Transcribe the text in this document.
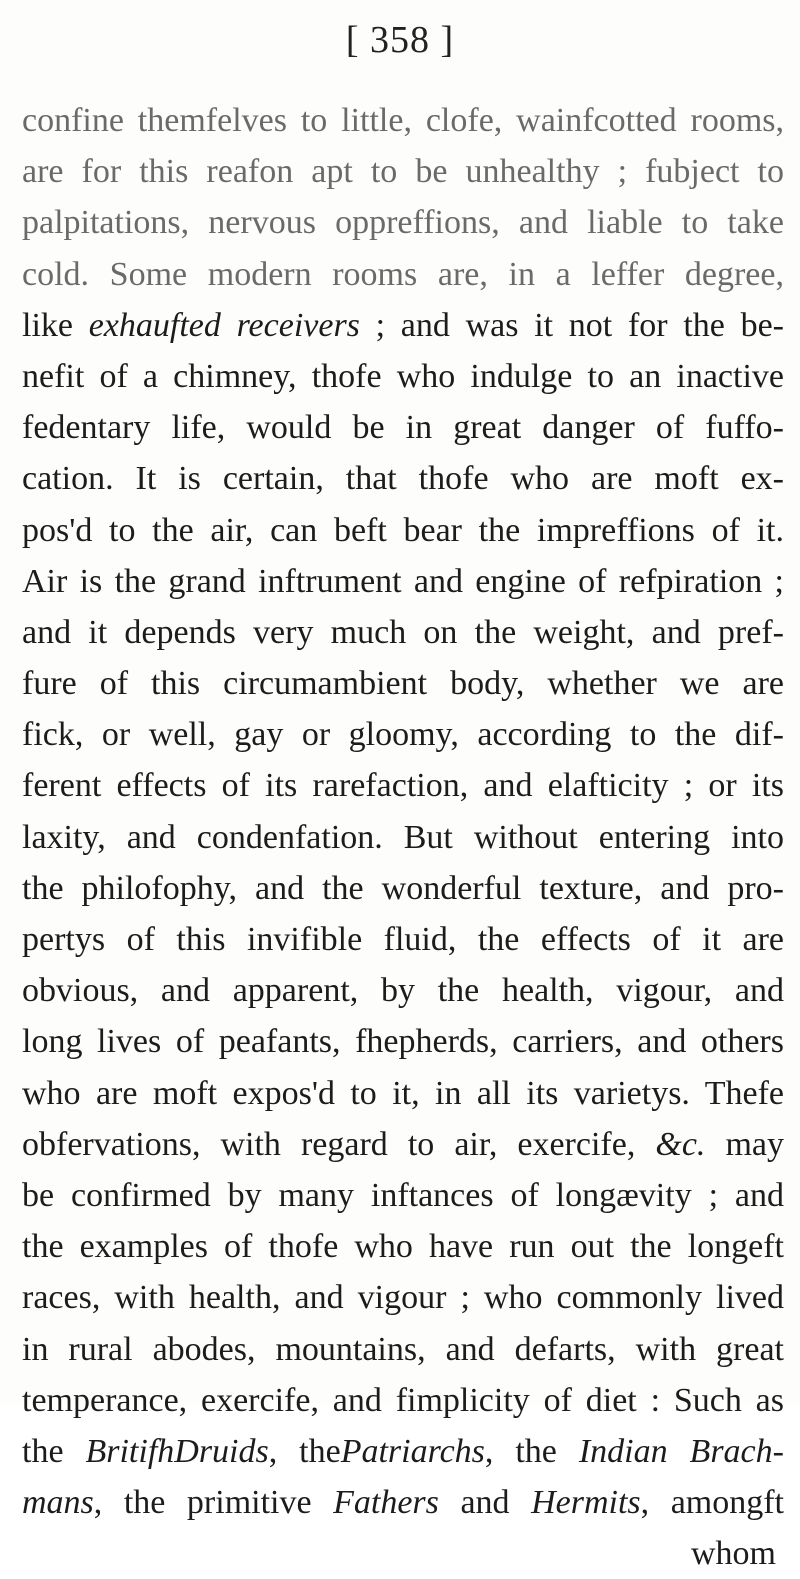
[ 358 ]
confine themfelves to little, clofe, wainfcotted rooms,
are for this reafon apt to be unhealthy ; fubject to
palpitations, nervous oppreffions, and liable to take
cold. Some modern rooms are, in a leffer degree,
like exhaufted receivers ; and was it not for the be-
nefit of a chimney, thofe who indulge to an inactive
fedentary life, would be in great danger of fuffo-
cation. It is certain, that thofe who are moft ex-
pos'd to the air, can beft bear the impreffions of it.
Air is the grand inftrument and engine of refpiration ;
and it depends very much on the weight, and pref-
fure of this circumambient body, whether we are
fick, or well, gay or gloomy, according to the dif-
ferent effects of its rarefaction, and elafticity ; or its
laxity, and condenfation. But without entering into
the philofophy, and the wonderful texture, and pro-
pertys of this invifible fluid, the effects of it are
obvious, and apparent, by the health, vigour, and
long lives of peafants, fhepherds, carriers, and others
who are moft expos'd to it, in all its varietys. Thefe
obfervations, with regard to air, exercife, &c. may
be confirmed by many inftances of longævity ; and
the examples of thofe who have run out the longeft
races, with health, and vigour ; who commonly lived
in rural abodes, mountains, and defarts, with great
temperance, exercife, and fimplicity of diet : Such as
the BritifhDruids, thePatriarchs, the Indian Brach-
mans, the primitive Fathers and Hermits, amongft
whom
